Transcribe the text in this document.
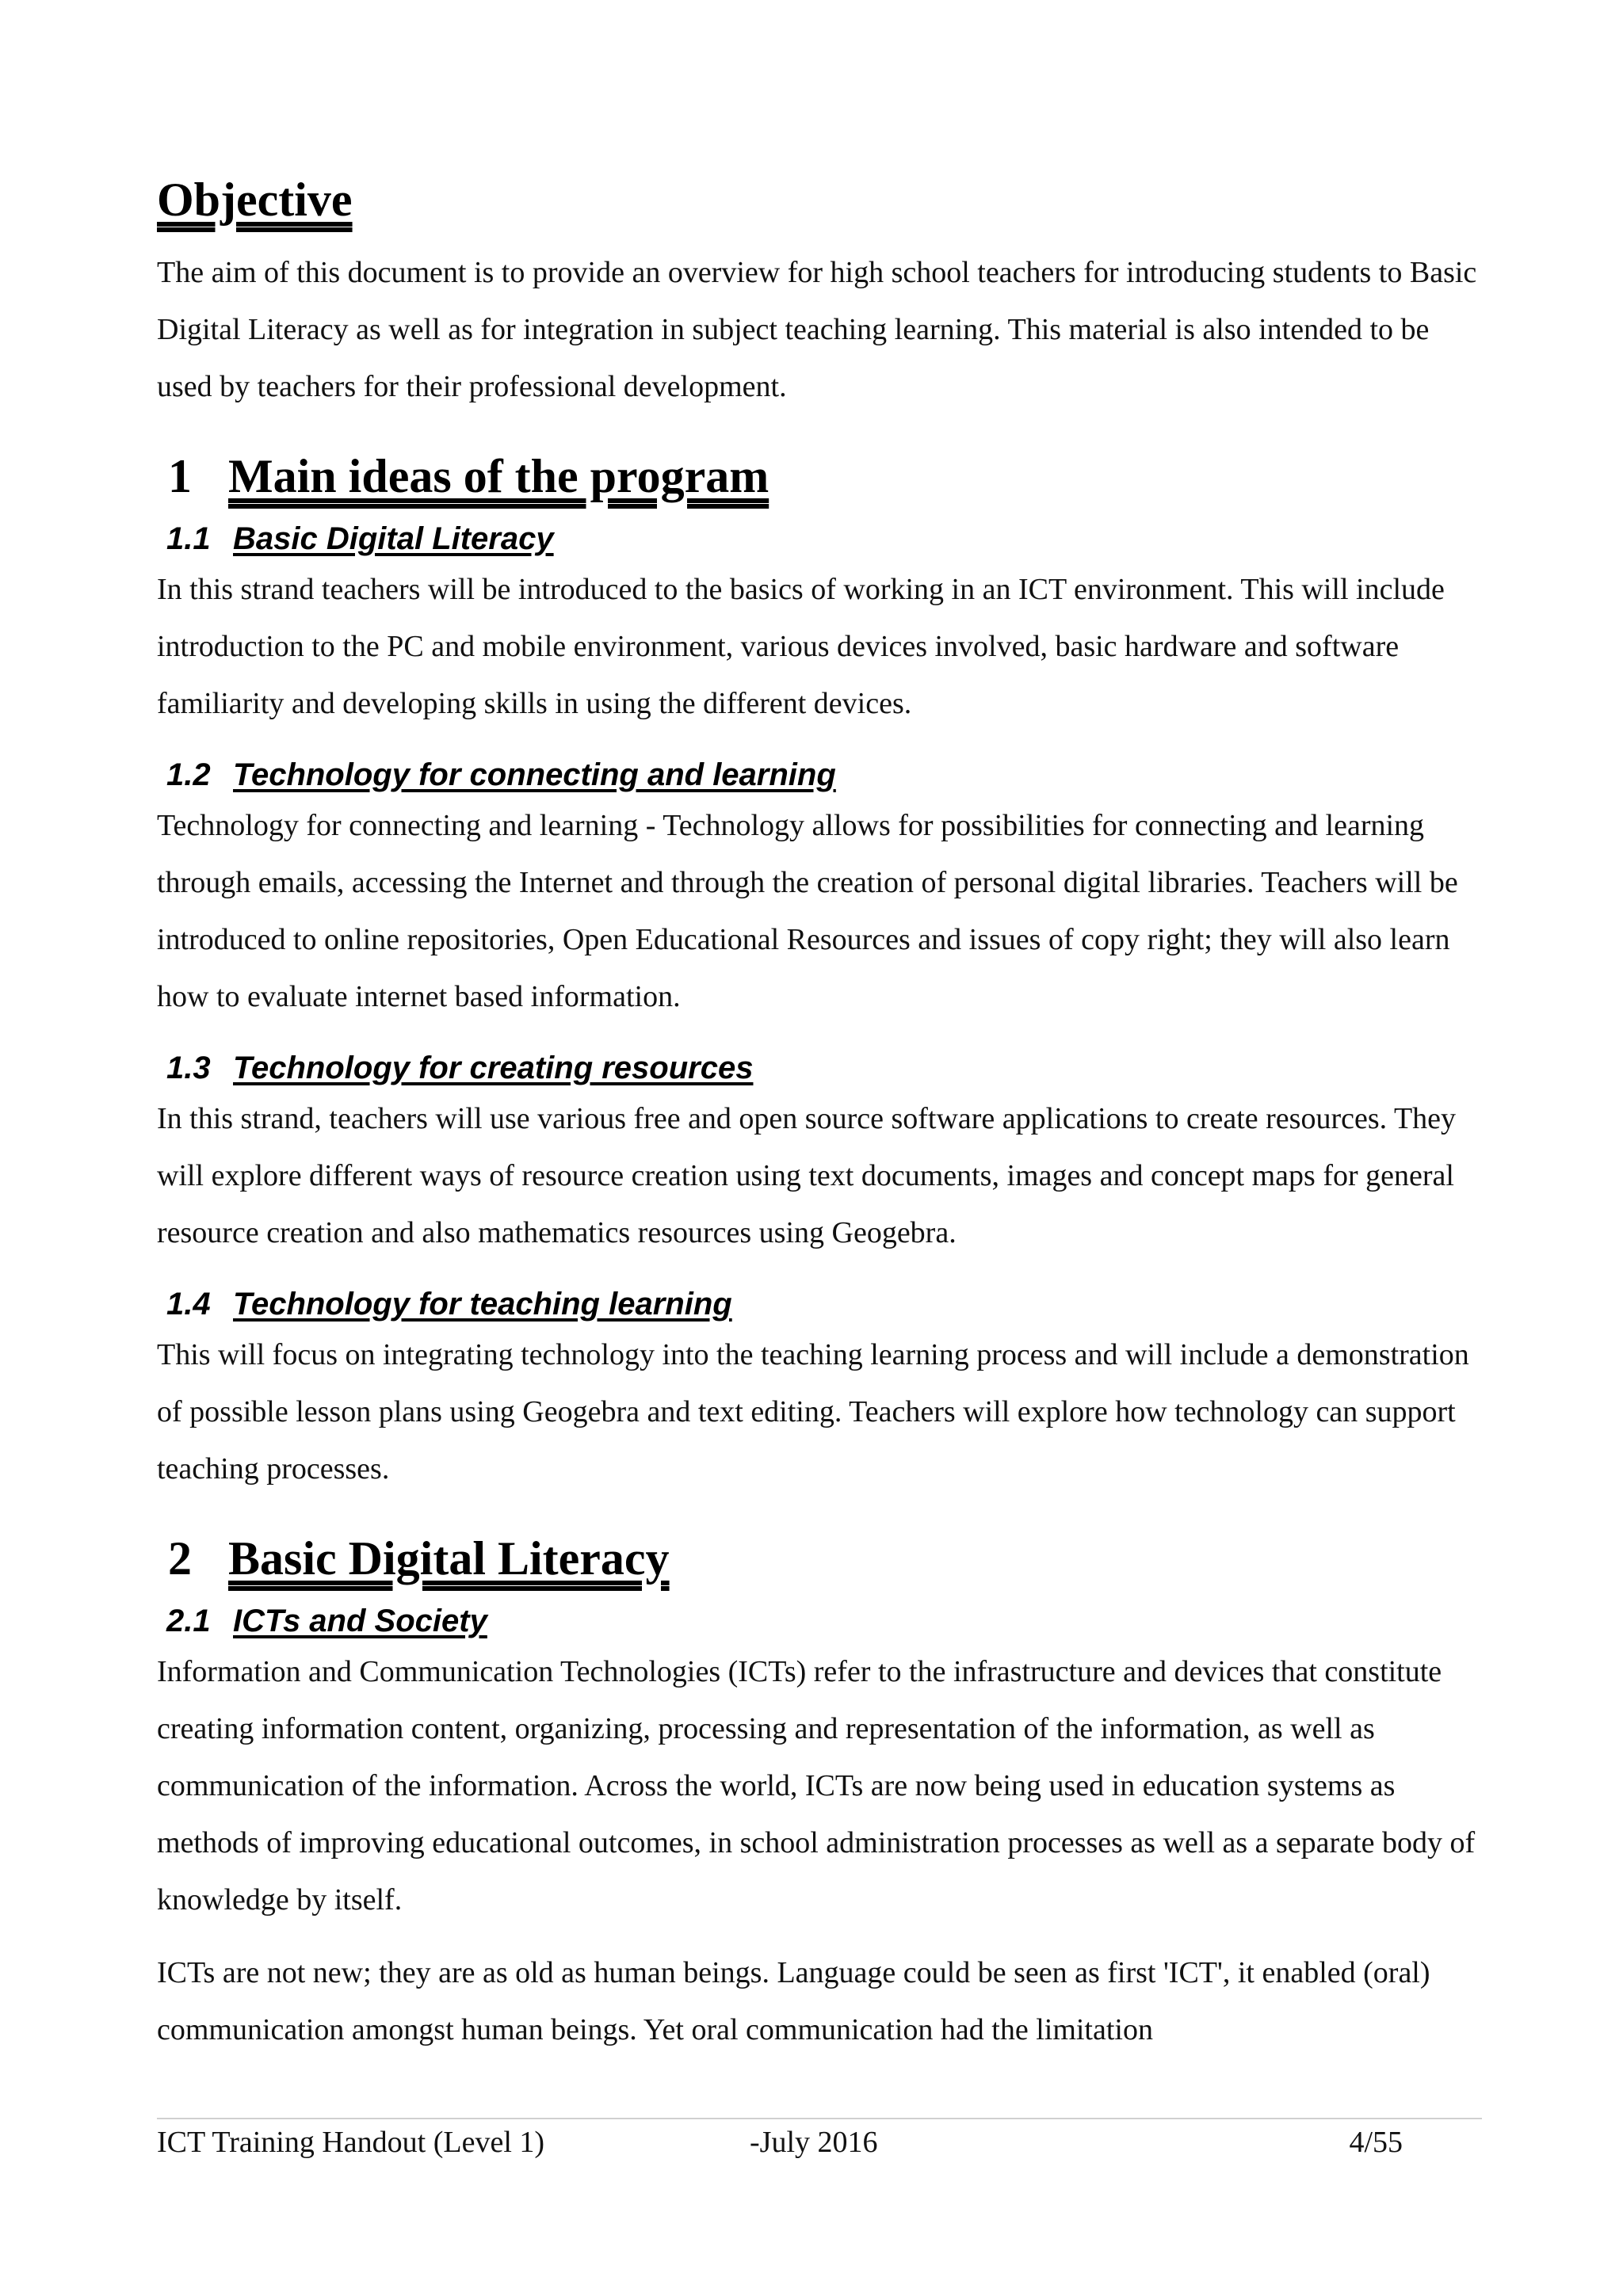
Objective

The aim of this document is to provide an overview for high school teachers for introducing students to Basic Digital Literacy as well as for integration in subject teaching learning. This material is also intended to be used by teachers for their professional development.

1 Main ideas of the program
1.1 Basic Digital Literacy

In this strand teachers will be introduced to the basics of working in an ICT environment. This will include introduction to the PC and mobile environment, various devices involved, basic hardware and software familiarity and developing skills in using the different devices.

1.2 Technology for connecting and learning

Technology for connecting and learning - Technology allows for possibilities for connecting and learning through emails, accessing the Internet and through the creation of personal digital libraries. Teachers will be introduced to online repositories, Open Educational Resources and issues of copy right; they will also learn how to evaluate internet based information.

1.3 Technology for creating resources

In this strand, teachers will use various free and open source software applications to create resources. They will explore different ways of resource creation using text documents, images and concept maps for general resource creation and also mathematics resources using Geogebra.

1.4 Technology for teaching learning

This will focus on integrating technology into the teaching learning process and will include a demonstration of possible lesson plans using Geogebra and text editing. Teachers will explore how technology can support teaching processes.

2 Basic Digital Literacy
2.1 ICTs and Society

Information and Communication Technologies (ICTs) refer to the infrastructure and devices that constitute creating information content, organizing, processing and representation of the information, as well as communication of the information. Across the world, ICTs are now being used in education systems as methods of improving educational outcomes, in school administration processes as well as a separate body of knowledge by itself.

ICTs are not new; they are as old as human beings. Language could be seen as first 'ICT', it enabled (oral) communication amongst human beings. Yet oral communication had the limitation

ICT Training Handout (Level 1)	-July 2016	4/55
